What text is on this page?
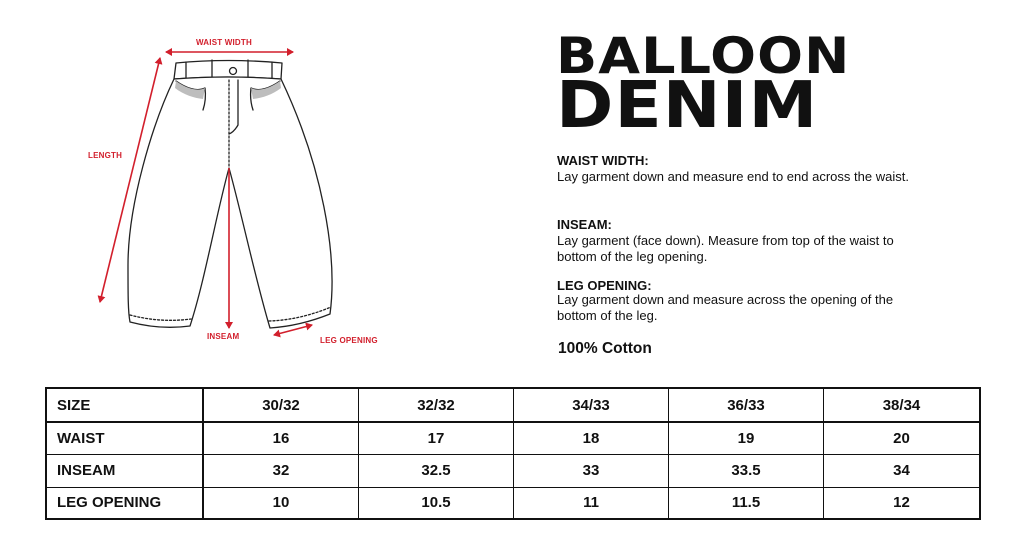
WAIST WIDTH
LENGTH
INSEAM	LEG OPENING
BALLOON
DENIM
WAIST WIDTH:
Lay garment down and measure end to end across the waist.
INSEAM:
Lay garment (face down). Measure from top of the waist to bottom of the leg opening.
LEG OPENING:
Lay garment down and measure across the opening of the bottom of the leg.
100% Cotton
SIZE	30/32	32/32	34/33	36/33	38/34
WAIST	16	17	18	19	20
INSEAM	32	32.5	33	33.5	34
LEG OPENING	10	10.5	11	11.5	12
